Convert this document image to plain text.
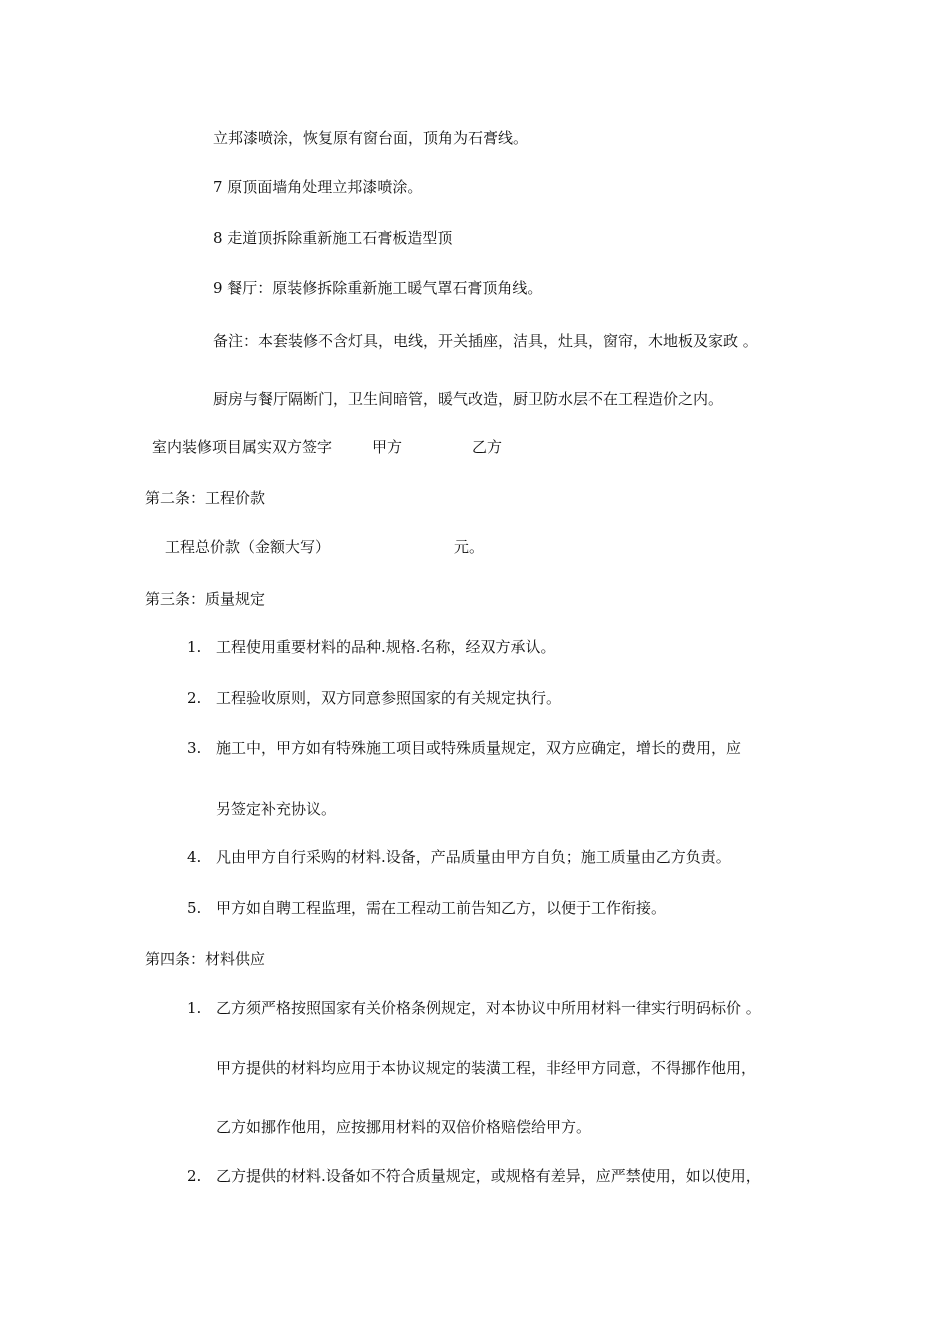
立邦漆喷涂，恢复原有窗台面，顶角为石膏线。
7 原顶面墙角处理立邦漆喷涂。
8 走道顶拆除重新施工石膏板造型顶
9 餐厅：原装修拆除重新施工暖气罩石膏顶角线。
备注：本套装修不含灯具，电线，开关插座，洁具，灶具，窗帘，木地板及家政 。
厨房与餐厅隔断门，卫生间暗管，暖气改造，厨卫防水层不在工程造价之内。
室内装修项目属实双方签字	甲方	乙方
第二条：工程价款
工程总价款（金额大写）	元。
第三条：质量规定
1. 工程使用重要材料的品种.规格.名称，经双方承认。
2. 工程验收原则，双方同意参照国家的有关规定执行。
3. 施工中，甲方如有特殊施工项目或特殊质量规定，双方应确定，增长的费用，应
另签定补充协议。
4. 凡由甲方自行采购的材料.设备，产品质量由甲方自负；施工质量由乙方负责。
5. 甲方如自聘工程监理，需在工程动工前告知乙方，以便于工作衔接。
第四条：材料供应
1. 乙方须严格按照国家有关价格条例规定，对本协议中所用材料一律实行明码标价 。
甲方提供的材料均应用于本协议规定的装潢工程，非经甲方同意，不得挪作他用，
乙方如挪作他用，应按挪用材料的双倍价格赔偿给甲方。
2. 乙方提供的材料.设备如不符合质量规定，或规格有差异，应严禁使用，如以使用，
